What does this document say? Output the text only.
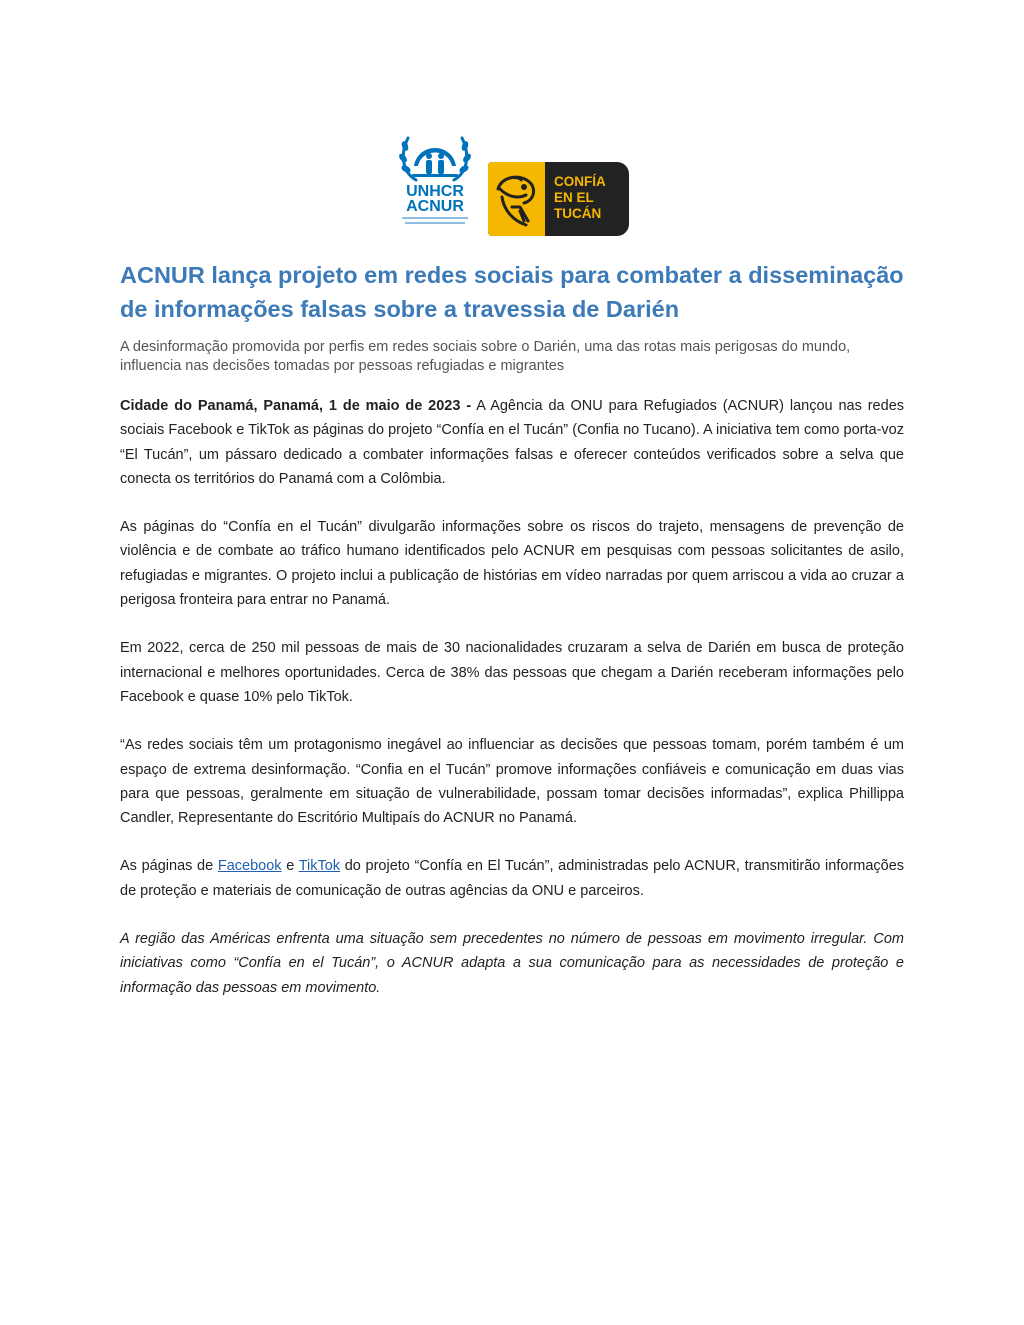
UNHCR
ACNUR
CONFÍA
EN EL
TUCÁN
ACNUR lança projeto em redes sociais para combater a disseminação de informações falsas sobre a travessia de Darién

A desinformação promovida por perfis em redes sociais sobre o Darién, uma das rotas mais perigosas do mundo, influencia nas decisões tomadas por pessoas refugiadas e migrantes

Cidade do Panamá, Panamá, 1 de maio de 2023 - A Agência da ONU para Refugiados (ACNUR) lançou nas redes sociais Facebook e TikTok as páginas do projeto “Confía en el Tucán” (Confia no Tucano). A iniciativa tem como porta-voz “El Tucán”, um pássaro dedicado a combater informações falsas e oferecer conteúdos verificados sobre a selva que conecta os territórios do Panamá com a Colômbia.

As páginas do “Confía en el Tucán” divulgarão informações sobre os riscos do trajeto, mensagens de prevenção de violência e de combate ao tráfico humano identificados pelo ACNUR em pesquisas com pessoas solicitantes de asilo, refugiadas e migrantes. O projeto inclui a publicação de histórias em vídeo narradas por quem arriscou a vida ao cruzar a perigosa fronteira para entrar no Panamá.

Em 2022, cerca de 250 mil pessoas de mais de 30 nacionalidades cruzaram a selva de Darién em busca de proteção internacional e melhores oportunidades. Cerca de 38% das pessoas que chegam a Darién receberam informações pelo Facebook e quase 10% pelo TikTok.

“As redes sociais têm um protagonismo inegável ao influenciar as decisões que pessoas tomam, porém também é um espaço de extrema desinformação. “Confia en el Tucán” promove informações confiáveis e comunicação em duas vias para que pessoas, geralmente em situação de vulnerabilidade, possam tomar decisões informadas”, explica Phillippa Candler, Representante do Escritório Multipaís do ACNUR no Panamá.

As páginas de Facebook e TikTok do projeto “Confía en El Tucán”, administradas pelo ACNUR, transmitirão informações de proteção e materiais de comunicação de outras agências da ONU e parceiros.

A região das Américas enfrenta uma situação sem precedentes no número de pessoas em movimento irregular. Com iniciativas como “Confía en el Tucán”, o ACNUR adapta a sua comunicação para as necessidades de proteção e informação das pessoas em movimento.
